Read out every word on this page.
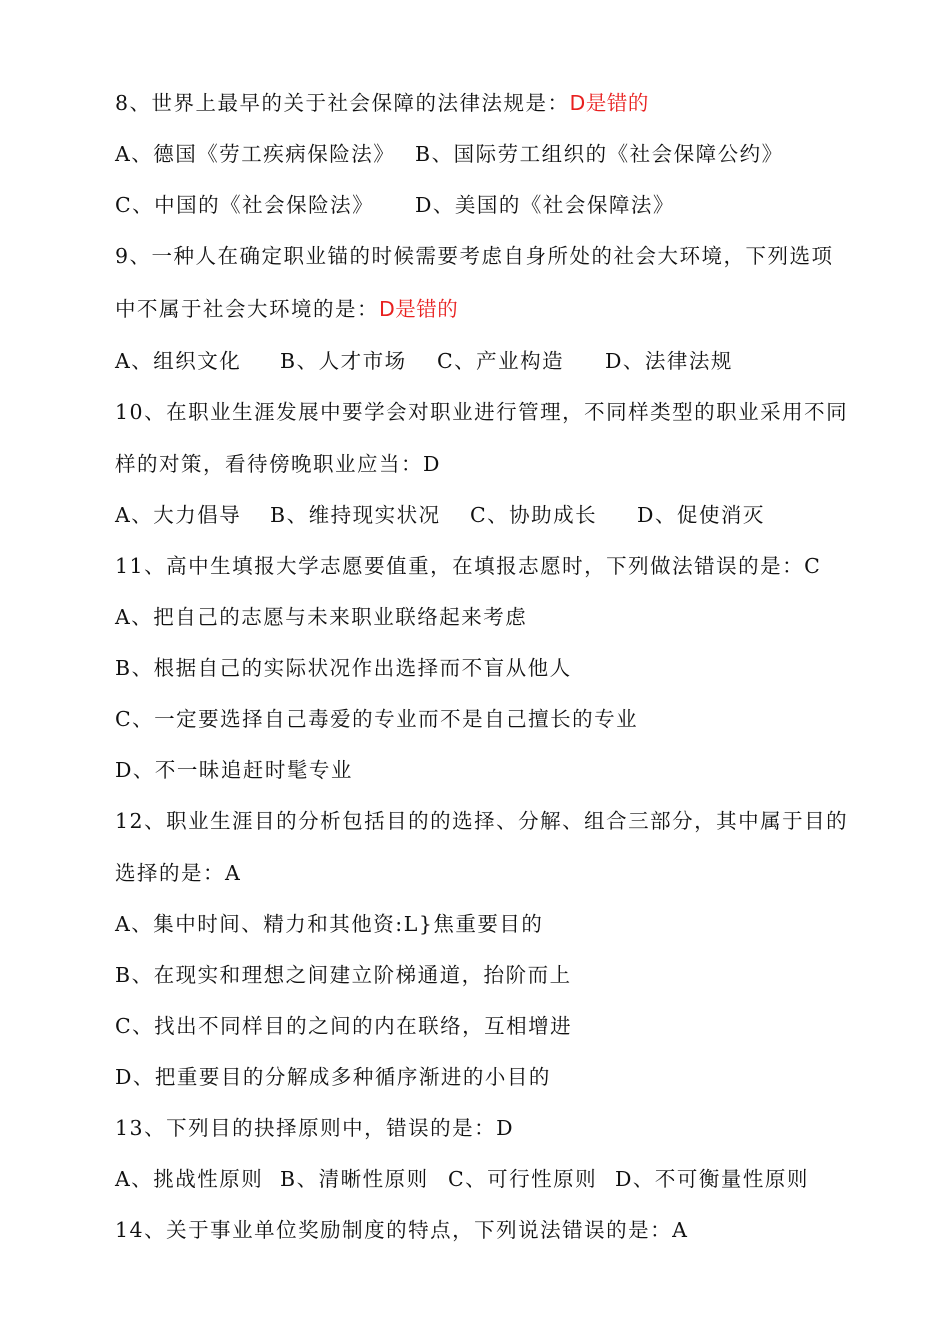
8、世界上最早的关于社会保障的法律法规是：D是错的
A、德国《劳工疾病保险法》 B、国际劳工组织的《社会保障公约》
C、中国的《社会保险法》 D、美国的《社会保障法》
9、一种人在确定职业锚的时候需要考虑自身所处的社会大环境，下列选项
中不属于社会大环境的是：D是错的
A、组织文化 B、人才市场 C、产业构造 D、法律法规
10、在职业生涯发展中要学会对职业进行管理，不同样类型的职业采用不同
样的对策，看待傍晚职业应当：D
A、大力倡导 B、维持现实状况 C、协助成长 D、促使消灭
11、高中生填报大学志愿要值重，在填报志愿时，下列做法错误的是：C
A、把自己的志愿与未来职业联络起来考虑
B、根据自己的实际状况作出选择而不盲从他人
C、一定要选择自己毒爱的专业而不是自己擅长的专业
D、不一昧追赶时髦专业
12、职业生涯目的分析包括目的的选择、分解、组合三部分，其中属于目的
选择的是：A
A、集中时间、精力和其他资:L}焦重要目的
B、在现实和理想之间建立阶梯通道，抬阶而上
C、找出不同样目的之间的内在联络，互相增进
D、把重要目的分解成多种循序渐进的小目的
13、下列目的抉择原则中，错误的是：D
A、挑战性原则 B、清晰性原则 C、可行性原则 D、不可衡量性原则
14、关于事业单位奖励制度的特点，下列说法错误的是：A
